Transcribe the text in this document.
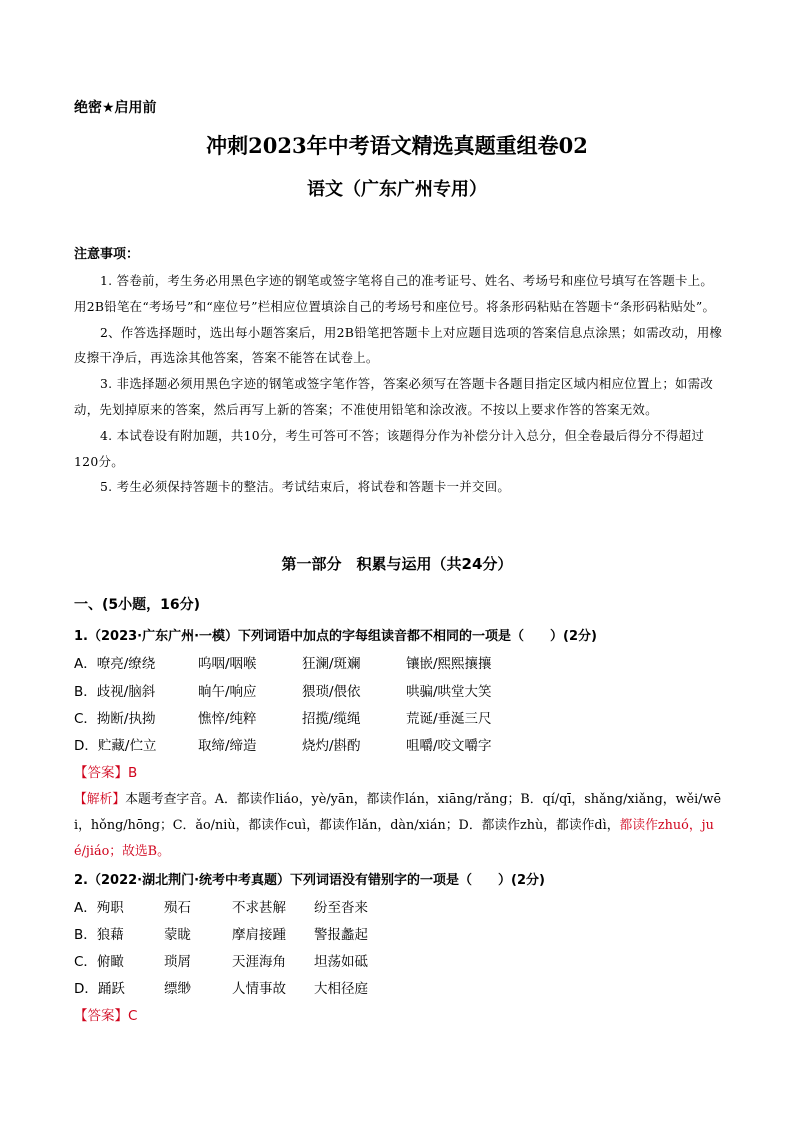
绝密★启用前
冲刺2023年中考语文精选真题重组卷02
语文（广东广州专用）
注意事项：

1. 答卷前，考生务必用黑色字迹的钢笔或签字笔将自己的准考证号、姓名、考场号和座位号填写在答题卡上。用2B铅笔在“考场号”和“座位号”栏相应位置填涂自己的考场号和座位号。将条形码粘贴在答题卡“条形码粘贴处”。

2、作答选择题时，选出每小题答案后，用2B铅笔把答题卡上对应题目选项的答案信息点涂黑；如需改动，用橡皮擦干净后，再选涂其他答案，答案不能答在试卷上。

3. 非选择题必须用黑色字迹的钢笔或签字笔作答，答案必须写在答题卡各题目指定区域内相应位置上；如需改动，先划掉原来的答案，然后再写上新的答案；不准使用铅笔和涂改液。不按以上要求作答的答案无效。

4. 本试卷设有附加题，共10分，考生可答可不答；该题得分作为补偿分计入总分，但全卷最后得分不得超过120分。

5. 考生必须保持答题卡的整洁。考试结束后，将试卷和答题卡一并交回。

第一部分　积累与运用（共24分）
一、(5小题，16分)
1.（2023·广东广州·一模）下列词语中加点的字每组读音都不相同的一项是（　　）(2分)
A．嘹亮/缭绕	呜咽/咽喉	狂澜/斑斓	镶嵌/熙熙攘攘
B．歧视/脑斜	晌午/响应	猥琐/偎依	哄骗/哄堂大笑
C．拗断/执拗	憔悴/纯粹	招揽/缆绳	荒诞/垂涎三尺
D．贮藏/伫立	取缔/缔造	烧灼/斟酌	咀嚼/咬文嚼字
【答案】B
【解析】本题考查字音。A．都读作liáo，yè/yān，都读作lán，xiāng/rǎng；B．qí/qī，shǎng/xiǎng，wěi/wēi，hǒng/hōng；C．ǎo/niù，都读作cuì，都读作lǎn，dàn/xián；D．都读作zhù，都读作dì，都读作zhuó，jué/jiáo；故选B。
2.（2022·湖北荆门·统考中考真题）下列词语没有错别字的一项是（　　）(2分)
A．殉职	殒石	不求甚解 纷至沓来
B．狼藉	蒙眬	摩肩接踵 警报蠡起
C．俯瞰	琐屑	天涯海角 坦荡如砥
D．踊跃	缥缈	人情事故 大相径庭
【答案】C
